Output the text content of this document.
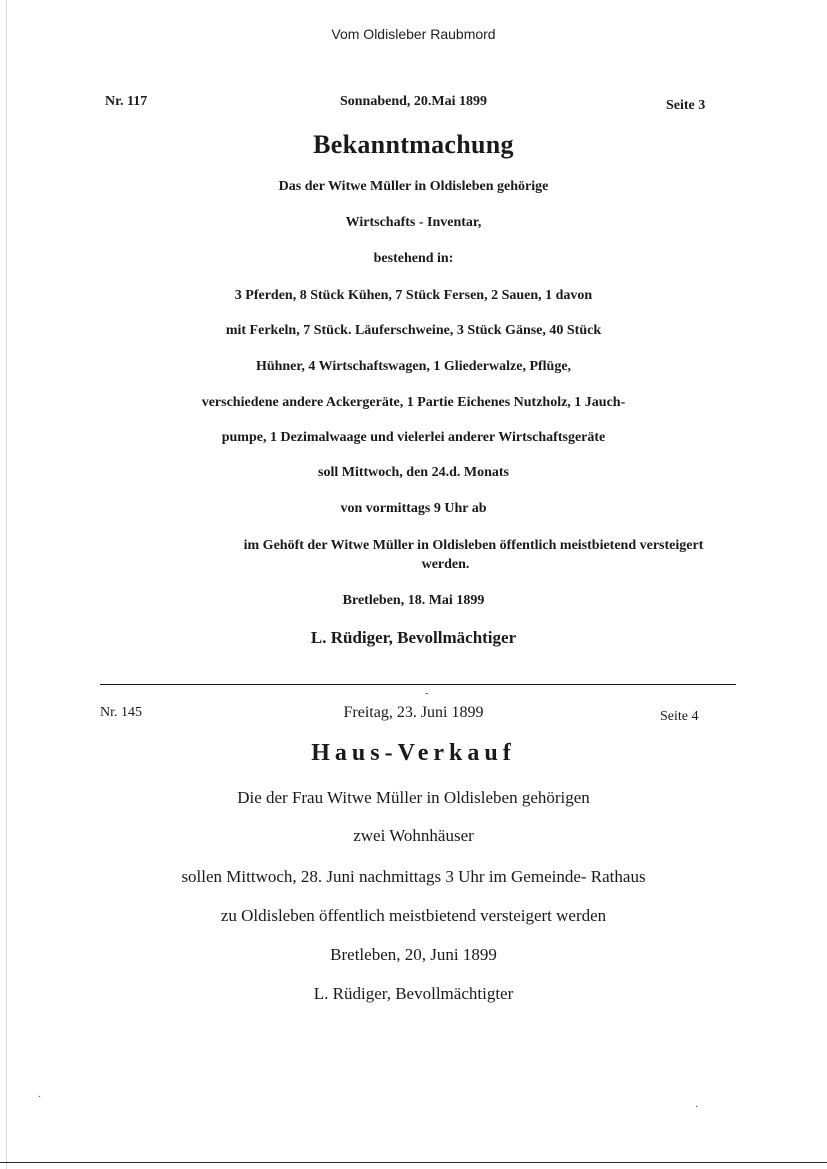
Vom Oldisleber Raubmord
Nr. 117	Sonnabend, 20.Mai 1899	Seite 3
Bekanntmachung
Das der Witwe Müller in Oldisleben gehörige
Wirtschafts - Inventar,
bestehend in:
3 Pferden, 8 Stück Kühen, 7 Stück Fersen, 2 Sauen, 1 davon
mit Ferkeln, 7 Stück. Läuferschweine, 3 Stück Gänse, 40 Stück
Hühner, 4 Wirtschaftswagen, 1 Gliederwalze, Pflüge,
verschiedene andere Ackergeräte, 1 Partie Eichenes Nutzholz, 1 Jauch-
pumpe, 1 Dezimalwaage und vielerlei anderer Wirtschaftsgeräte
soll Mittwoch, den 24.d. Monats
von vormittags 9 Uhr ab
im Gehöft der Witwe Müller in Oldisleben öffentlich meistbietend versteigert
werden.
Bretleben, 18. Mai 1899
L. Rüdiger, Bevollmächtiger
Nr. 145	Freitag, 23. Juni 1899	Seite 4
Haus-Verkauf
Die der Frau Witwe Müller in Oldisleben gehörigen
zwei Wohnhäuser
sollen Mittwoch, 28. Juni nachmittags 3 Uhr im Gemeinde- Rathaus
zu Oldisleben öffentlich meistbietend versteigert werden
Bretleben, 20, Juni 1899
L. Rüdiger, Bevollmächtigter
·
-
·
